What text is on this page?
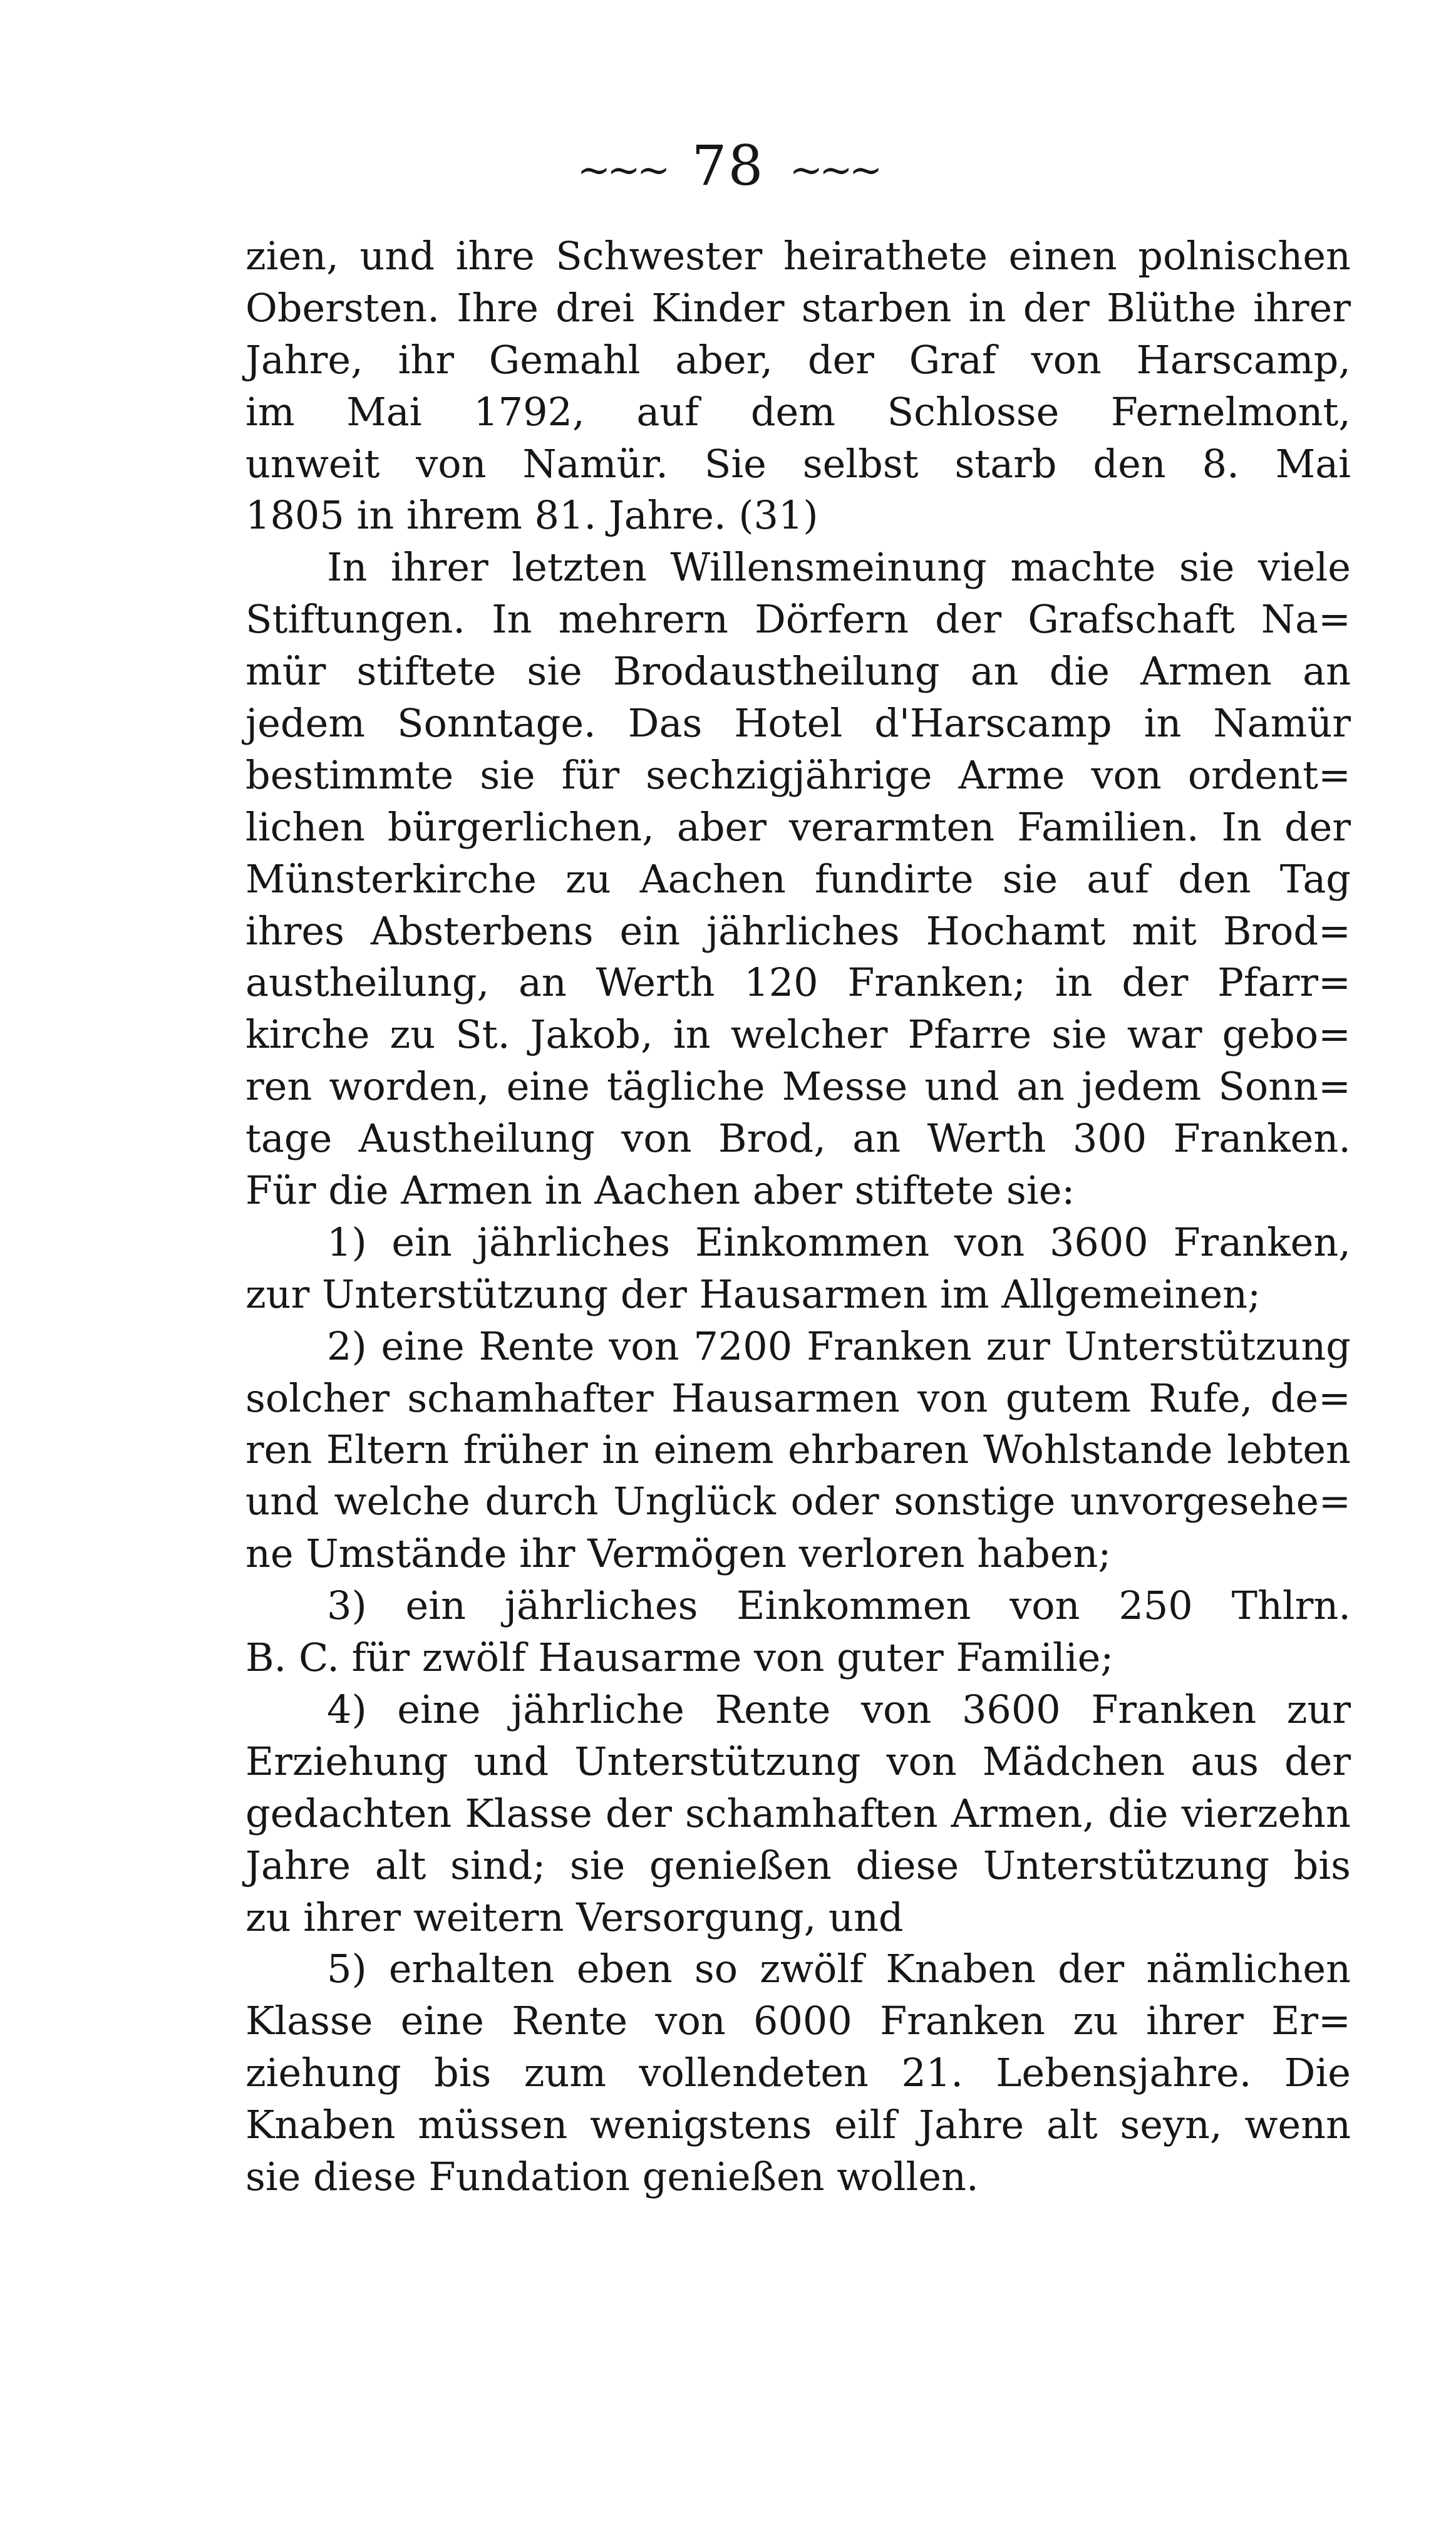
~~~ 78 ~~~
zien, und ihre Schwester heirathete einen polnischen
Obersten. Ihre drei Kinder starben in der Blüthe ihrer
Jahre, ihr Gemahl aber, der Graf von Harscamp,
im Mai 1792, auf dem Schlosse Fernelmont,
unweit von Namür. Sie selbst starb den 8. Mai
1805 in ihrem 81. Jahre. (31)
In ihrer letzten Willensmeinung machte sie viele
Stiftungen. In mehrern Dörfern der Grafschaft Na=
mür stiftete sie Brodaustheilung an die Armen an
jedem Sonntage. Das Hotel d'Harscamp in Namür
bestimmte sie für sechzigjährige Arme von ordent=
lichen bürgerlichen, aber verarmten Familien. In der
Münsterkirche zu Aachen fundirte sie auf den Tag
ihres Absterbens ein jährliches Hochamt mit Brod=
austheilung, an Werth 120 Franken; in der Pfarr=
kirche zu St. Jakob, in welcher Pfarre sie war gebo=
ren worden, eine tägliche Messe und an jedem Sonn=
tage Austheilung von Brod, an Werth 300 Franken.
Für die Armen in Aachen aber stiftete sie:
1) ein jährliches Einkommen von 3600 Franken,
zur Unterstützung der Hausarmen im Allgemeinen;
2) eine Rente von 7200 Franken zur Unterstützung
solcher schamhafter Hausarmen von gutem Rufe, de=
ren Eltern früher in einem ehrbaren Wohlstande lebten
und welche durch Unglück oder sonstige unvorgesehe=
ne Umstände ihr Vermögen verloren haben;
3) ein jährliches Einkommen von 250 Thlrn.
B. C. für zwölf Hausarme von guter Familie;
4) eine jährliche Rente von 3600 Franken zur
Erziehung und Unterstützung von Mädchen aus der
gedachten Klasse der schamhaften Armen, die vierzehn
Jahre alt sind; sie genießen diese Unterstützung bis
zu ihrer weitern Versorgung, und
5) erhalten eben so zwölf Knaben der nämlichen
Klasse eine Rente von 6000 Franken zu ihrer Er=
ziehung bis zum vollendeten 21. Lebensjahre. Die
Knaben müssen wenigstens eilf Jahre alt seyn, wenn
sie diese Fundation genießen wollen.
